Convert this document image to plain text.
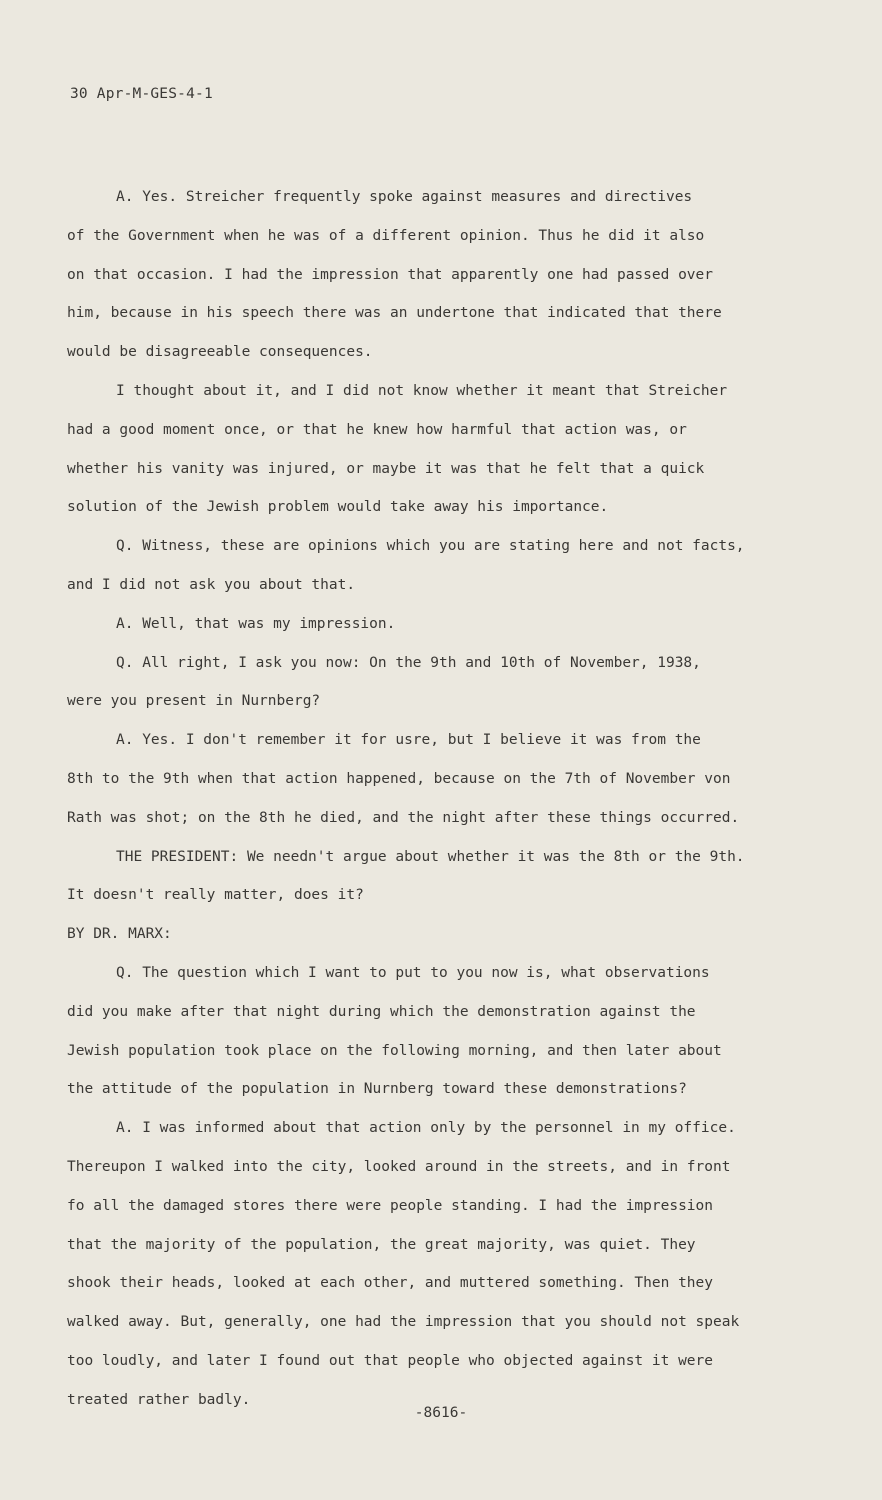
30 Apr-M-GES-4-1
A. Yes. Streicher frequently spoke against measures and directives
of the Government when he was of a different opinion. Thus he did it also
on that occasion. I had the impression that apparently one had passed over
him, because in his speech there was an undertone that indicated that there
would be disagreeable consequences.
I thought about it, and I did not know whether it meant that Streicher
had a good moment once, or that he knew how harmful that action was, or
whether his vanity was injured, or maybe it was that he felt that a quick
solution of the Jewish problem would take away his importance.
Q. Witness, these are opinions which you are stating here and not facts,
and I did not ask you about that.
A. Well, that was my impression.
Q. All right, I ask you now: On the 9th and 10th of November, 1938,
were you present in Nurnberg?
A. Yes. I don't remember it for usre, but I believe it was from the
8th to the 9th when that action happened, because on the 7th of November von
Rath was shot; on the 8th he died, and the night after these things occurred.
THE PRESIDENT: We needn't argue about whether it was the 8th or the 9th.
It doesn't really matter, does it?
BY DR. MARX:
Q. The question which I want to put to you now is, what observations
did you make after that night during which the demonstration against the
Jewish population took place on the following morning, and then later about
the attitude of the population in Nurnberg toward these demonstrations?
A. I was informed about that action only by the personnel in my office.
Thereupon I walked into the city, looked around in the streets, and in front
fo all the damaged stores there were people standing. I had the impression
that the majority of the population, the great majority, was quiet. They
shook their heads, looked at each other, and muttered something. Then they
walked away. But, generally, one had the impression that you should not speak
too loudly, and later I found out that people who objected against it were
treated rather badly.
-8616-
